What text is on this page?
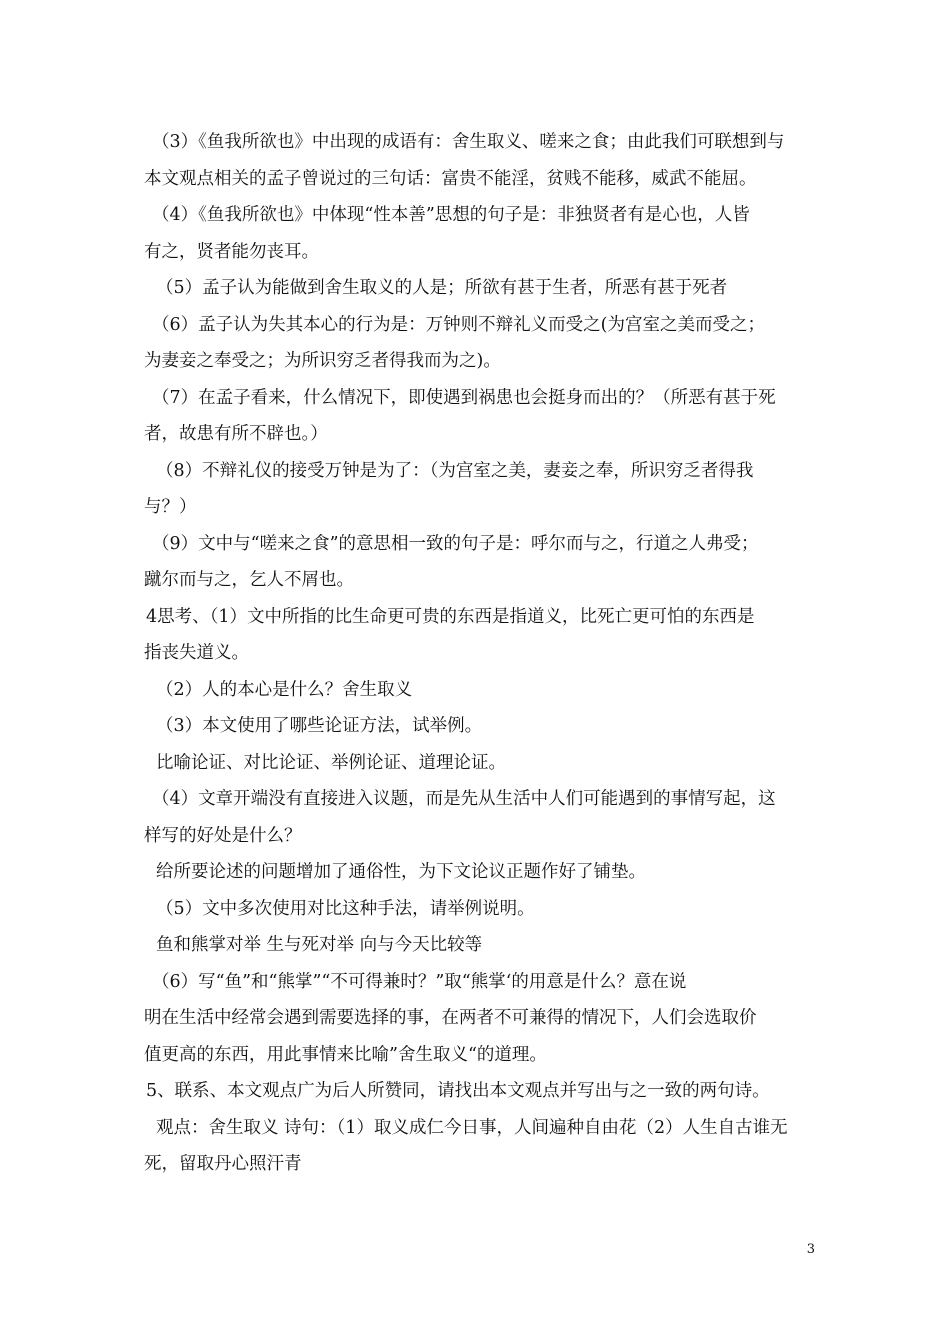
（3）《鱼我所欲也》中出现的成语有：舍生取义、嗟来之食；由此我们可联想到与
本文观点相关的孟子曾说过的三句话：富贵不能淫，贫贱不能移，威武不能屈。
（4）《鱼我所欲也》中体现“性本善”思想的句子是：非独贤者有是心也，人皆
有之，贤者能勿丧耳。
（5）孟子认为能做到舍生取义的人是；所欲有甚于生者，所恶有甚于死者
（6）孟子认为失其本心的行为是：万钟则不辩礼义而受之(为宫室之美而受之；
为妻妾之奉受之；为所识穷乏者得我而为之)。
（7）在孟子看来，什么情况下，即使遇到祸患也会挺身而出的？（所恶有甚于死
者，故患有所不辟也。）
（8）不辩礼仪的接受万钟是为了：（为宫室之美，妻妾之奉，所识穷乏者得我
与？）
（9）文中与“嗟来之食”的意思相一致的句子是：呼尔而与之，行道之人弗受；
蹴尔而与之，乞人不屑也。
4思考、（1）文中所指的比生命更可贵的东西是指道义，比死亡更可怕的东西是
指丧失道义。
（2）人的本心是什么？舍生取义
（3）本文使用了哪些论证方法，试举例。
比喻论证、对比论证、举例论证、道理论证。
（4）文章开端没有直接进入议题，而是先从生活中人们可能遇到的事情写起，这
样写的好处是什么？
给所要论述的问题增加了通俗性，为下文论议正题作好了铺垫。
（5）文中多次使用对比这种手法，请举例说明。
鱼和熊掌对举 生与死对举 向与今天比较等
（6）写“鱼”和“熊掌”“不可得兼时？”取“熊掌‘的用意是什么？意在说
明在生活中经常会遇到需要选择的事，在两者不可兼得的情况下，人们会选取价
值更高的东西，用此事情来比喻”舍生取义“的道理。
5、联系、本文观点广为后人所赞同，请找出本文观点并写出与之一致的两句诗。
观点：舍生取义 诗句：（1）取义成仁今日事，人间遍种自由花（2）人生自古谁无
死，留取丹心照汗青
3
